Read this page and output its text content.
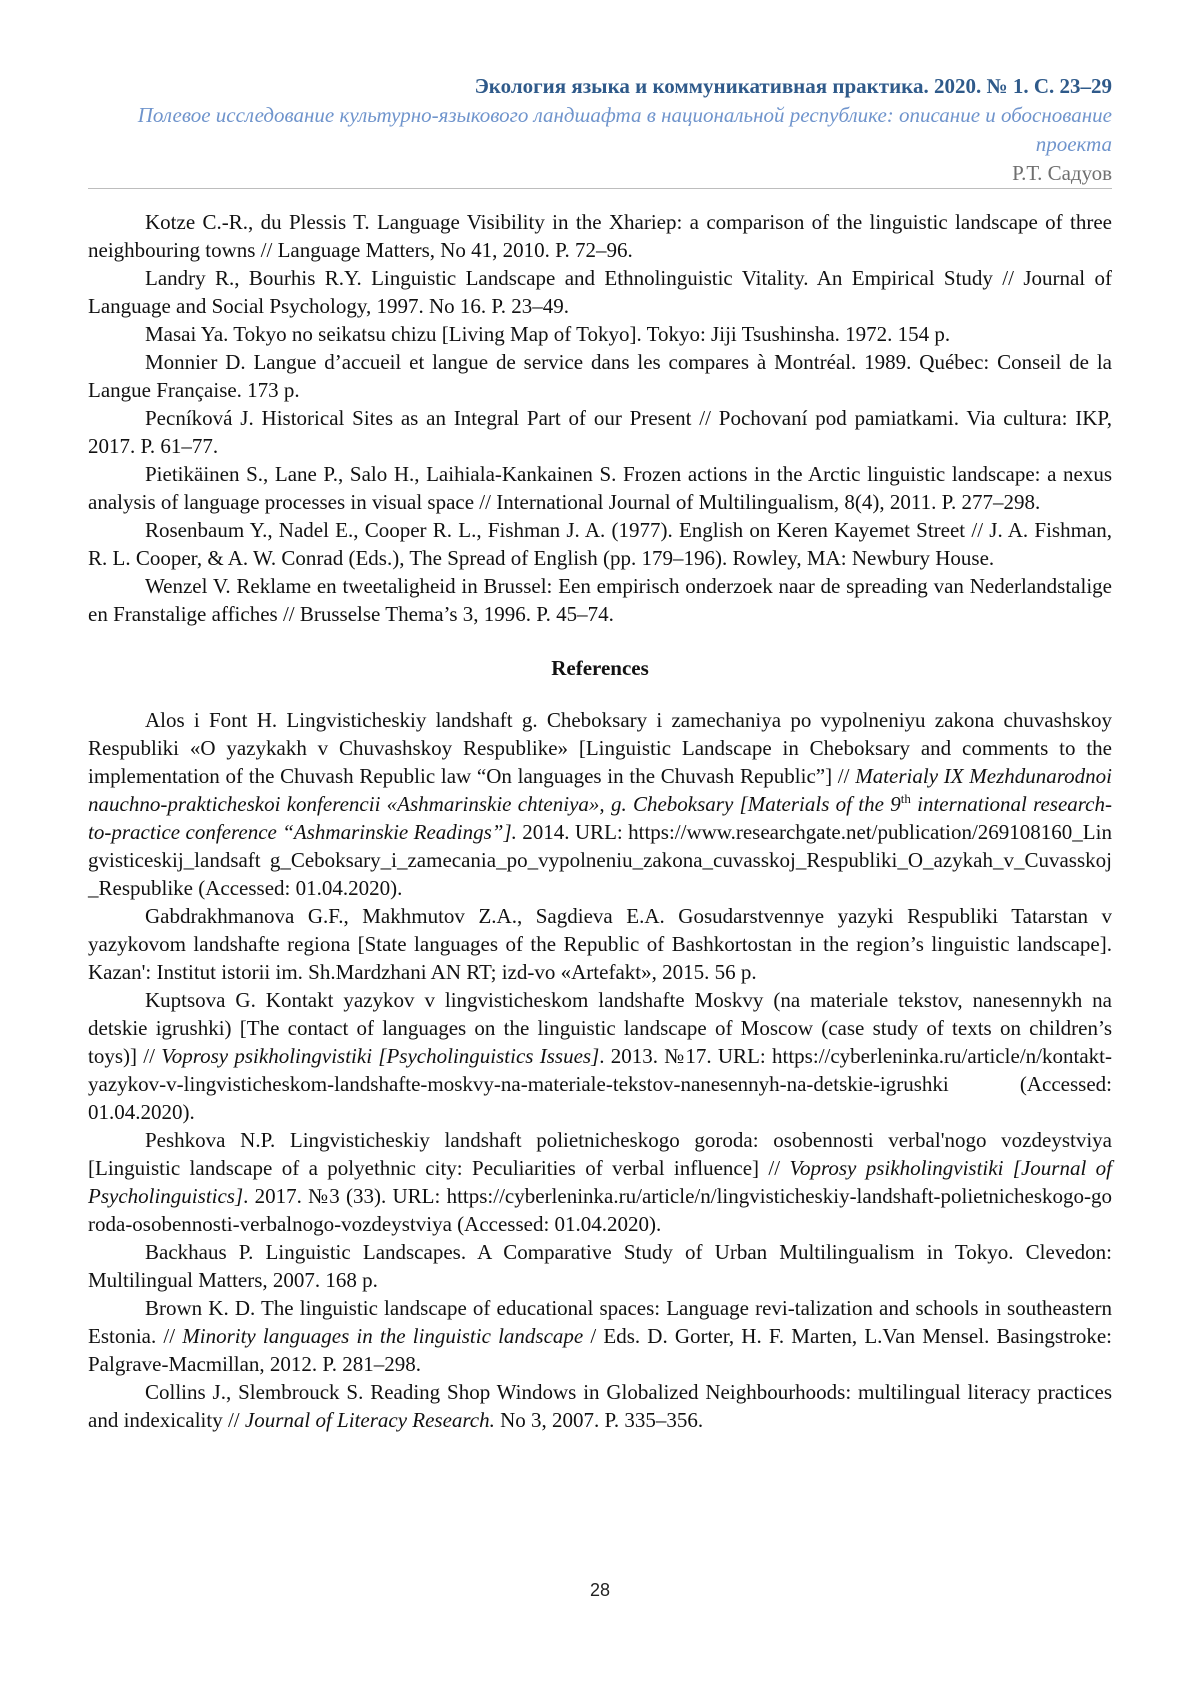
Экология языка и коммуникативная практика. 2020. № 1. С. 23–29
Полевое исследование культурно-языкового ландшафта в национальной республике: описание и обоснование проекта
Р.Т. Садуов

Kotze C.-R., du Plessis T. Language Visibility in the Xhariep: a comparison of the linguistic landscape of three neighbouring towns // Language Matters, No 41, 2010. P. 72–96.

Landry R., Bourhis R.Y. Linguistic Landscape and Ethnolinguistic Vitality. An Empirical Study // Journal of Language and Social Psychology, 1997. No 16. P. 23–49.

Masai Ya. Tokyo no seikatsu chizu [Living Map of Tokyo]. Tokyo: Jiji Tsushinsha. 1972. 154 p.

Monnier D. Langue d’accueil et langue de service dans les compares à Montréal. 1989. Québec: Conseil de la Langue Française. 173 p.

Pecníková J. Historical Sites as an Integral Part of our Present // Pochovaní pod pamiatkami. Via cultura: IKP, 2017. P. 61–77.

Pietikäinen S., Lane P., Salo H., Laihiala-Kankainen S. Frozen actions in the Arctic linguistic landscape: a nexus analysis of language processes in visual space // International Journal of Multilingualism, 8(4), 2011. P. 277–298.

Rosenbaum Y., Nadel E., Cooper R. L., Fishman J. A. (1977). English on Keren Kayemet Street // J. A. Fishman, R. L. Cooper, & A. W. Conrad (Eds.), The Spread of English (pp. 179–196). Rowley, MA: Newbury House.

Wenzel V. Reklame en tweetaligheid in Brussel: Een empirisch onderzoek naar de spreading van Nederlandstalige en Franstalige affiches // Brusselse Thema’s 3, 1996. P. 45–74.

References

Alos i Font H. Lingvisticheskiy landshaft g. Cheboksary i zamechaniya po vypolneniyu zakona chuvashskoy Respubliki «O yazykakh v Chuvashskoy Respublike» [Linguistic Landscape in Cheboksary and comments to the implementation of the Chuvash Republic law “On languages in the Chuvash Republic”] // Materialy IX Mezhdunarodnoi nauchno-prakticheskoi konferencii «Ashmarinskie chteniya», g. Cheboksary [Materials of the 9th international research-to-practice conference “Ashmarinskie Readings”]. 2014. URL: https://www.researchgate.net/publication/269108160_Lingvisticeskij_landsaft g_Ceboksary_i_zamecania_po_vypolneniu_zakona_cuvasskoj_Respubliki_O_azykah_v_Cuvasskoj_Respublike (Accessed: 01.04.2020).

Gabdrakhmanova G.F., Makhmutov Z.A., Sagdieva E.A. Gosudarstvennye yazyki Respubliki Tatarstan v yazykovom landshafte regiona [State languages of the Republic of Bashkortostan in the region’s linguistic landscape]. Kazan': Institut istorii im. Sh.Mardzhani AN RT; izd-vo «Artefakt», 2015. 56 p.

Kuptsova G. Kontakt yazykov v lingvisticheskom landshafte Moskvy (na materiale tekstov, nanesennykh na detskie igrushki) [The contact of languages on the linguistic landscape of Moscow (case study of texts on children’s toys)] // Voprosy psikholingvistiki [Psycholinguistics Issues]. 2013. №17. URL: https://cyberleninka.ru/article/n/kontakt-yazykov-v-lingvisticheskom-landshafte-moskvy-na-materiale-tekstov-nanesennyh-na-detskie-igrushki (Accessed: 01.04.2020).

Peshkova N.P. Lingvisticheskiy landshaft polietnicheskogo goroda: osobennosti verbal'nogo vozdeystviya [Linguistic landscape of a polyethnic city: Peculiarities of verbal influence] // Voprosy psikholingvistiki [Journal of Psycholinguistics]. 2017. №3 (33). URL: https://cyberleninka.ru/article/n/lingvisticheskiy-landshaft-polietnicheskogo-goroda-osobennosti-verbalnogo-vozdeystviya (Accessed: 01.04.2020).

Backhaus P. Linguistic Landscapes. A Comparative Study of Urban Multilingualism in Tokyo. Clevedon: Multilingual Matters, 2007. 168 p.

Brown K. D. The linguistic landscape of educational spaces: Language revi-talization and schools in southeastern Estonia. // Minority languages in the linguistic landscape / Eds. D. Gorter, H. F. Marten, L.Van Mensel. Basingstroke: Palgrave-Macmillan, 2012. P. 281–298.

Collins J., Slembrouck S. Reading Shop Windows in Globalized Neighbourhoods: multilingual literacy practices and indexicality // Journal of Literacy Research. No 3, 2007. P. 335–356.

28
